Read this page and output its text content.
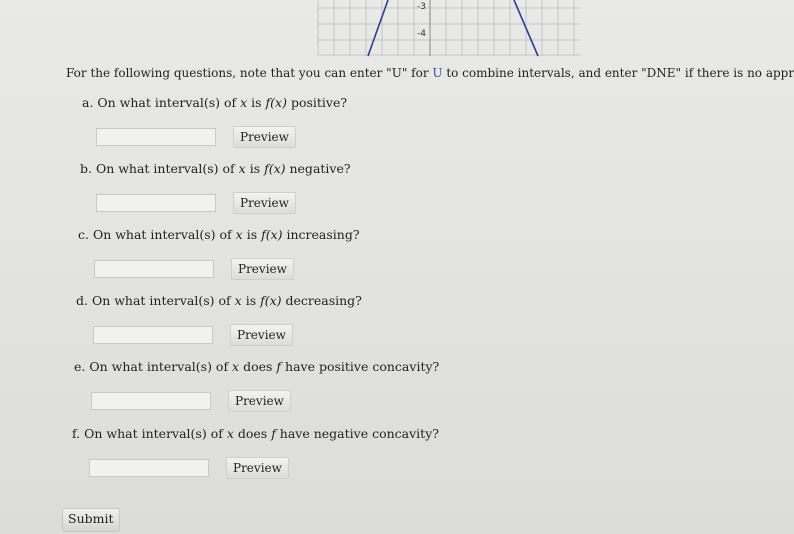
-3
-4
For the following questions, note that you can enter "U" for U to combine intervals, and enter "DNE" if there is no appr
a. On what interval(s) of x is f(x) positive?
Preview
b. On what interval(s) of x is f(x) negative?
Preview
c. On what interval(s) of x is f(x) increasing?
Preview
d. On what interval(s) of x is f(x) decreasing?
Preview
e. On what interval(s) of x does f have positive concavity?
Preview
f. On what interval(s) of x does f have negative concavity?
Preview
Submit
